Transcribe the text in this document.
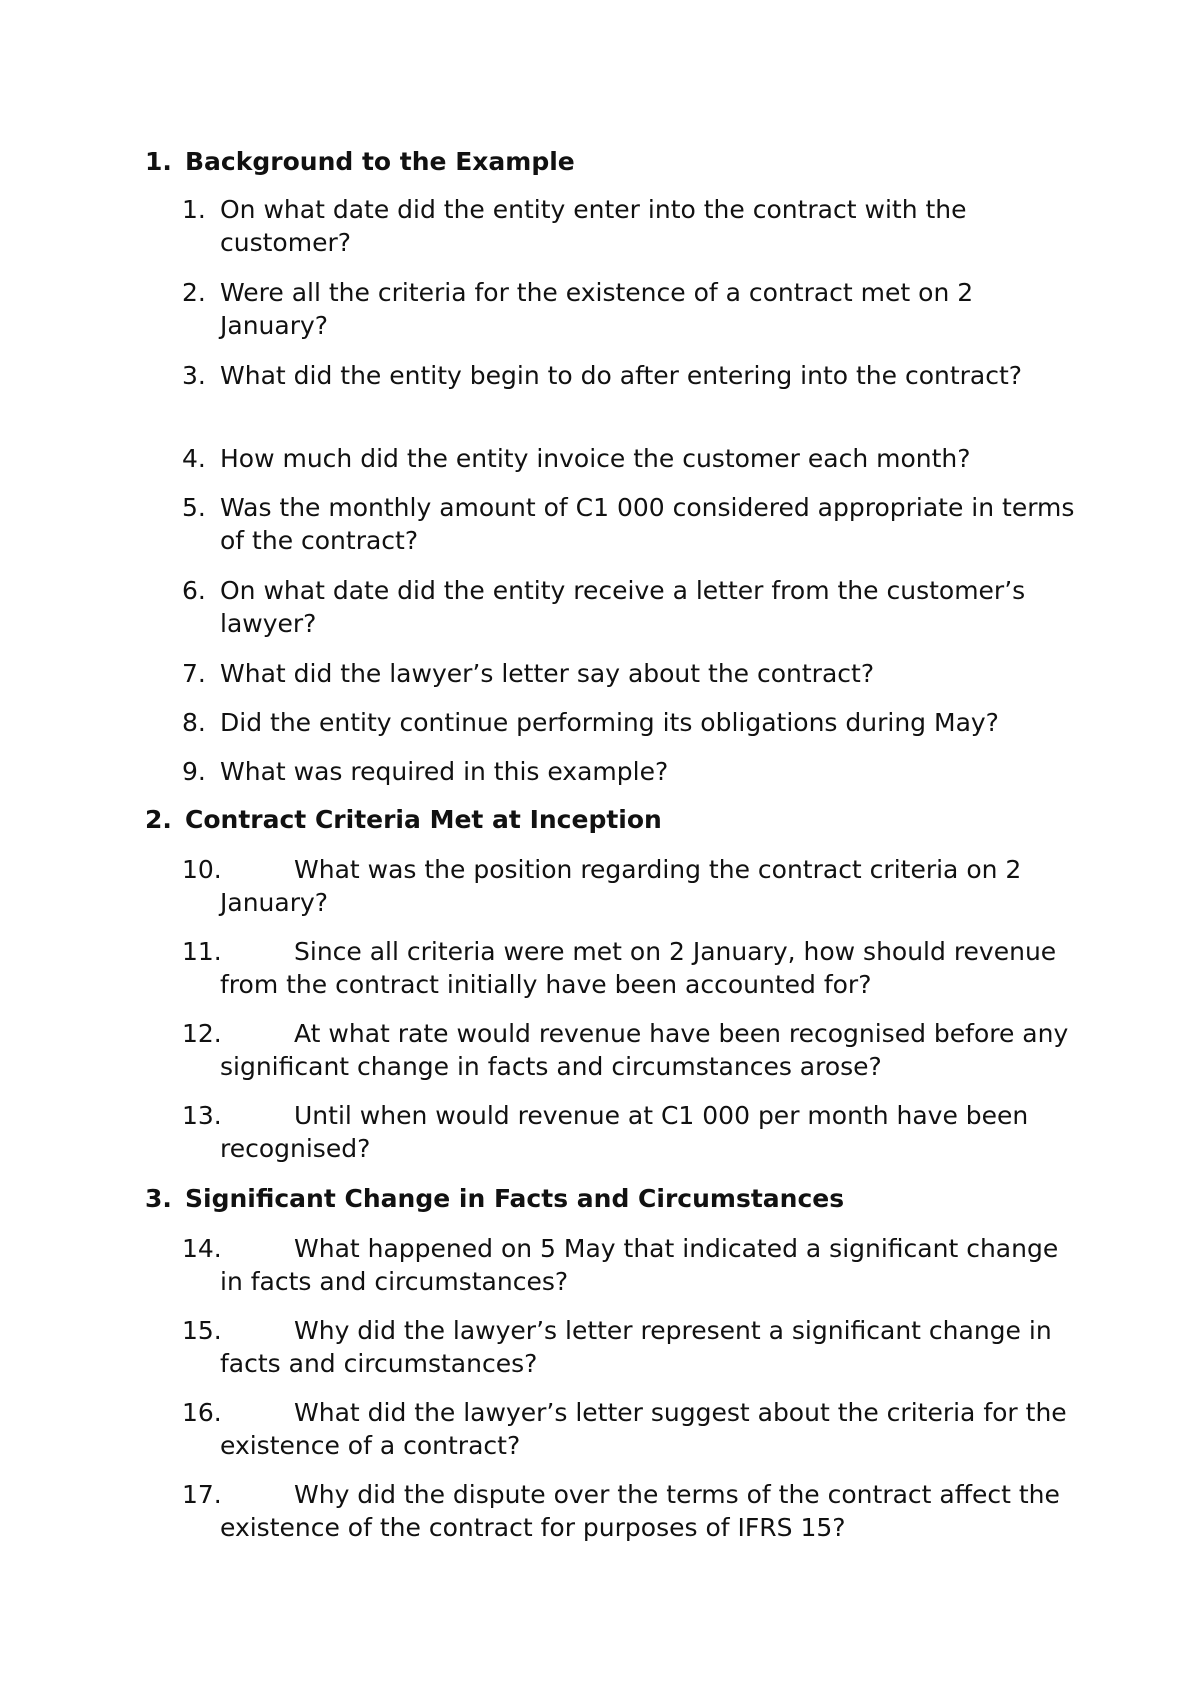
1. Background to the Example

1. On what date did the entity enter into the contract with the customer?

2. Were all the criteria for the existence of a contract met on 2 January?

3. What did the entity begin to do after entering into the contract?

4. How much did the entity invoice the customer each month?

5. Was the monthly amount of C1 000 considered appropriate in terms of the contract?

6. On what date did the entity receive a letter from the customer’s lawyer?

7. What did the lawyer’s letter say about the contract?

8. Did the entity continue performing its obligations during May?

9. What was required in this example?

2. Contract Criteria Met at Inception

10.	What was the position regarding the contract criteria on 2 January?

11.	Since all criteria were met on 2 January, how should revenue from the contract initially have been accounted for?

12.	At what rate would revenue have been recognised before any significant change in facts and circumstances arose?

13.	Until when would revenue at C1 000 per month have been recognised?

3. Significant Change in Facts and Circumstances

14.	What happened on 5 May that indicated a significant change in facts and circumstances?

15.	Why did the lawyer’s letter represent a significant change in facts and circumstances?

16.	What did the lawyer’s letter suggest about the criteria for the existence of a contract?

17.	Why did the dispute over the terms of the contract affect the existence of the contract for purposes of IFRS 15?
